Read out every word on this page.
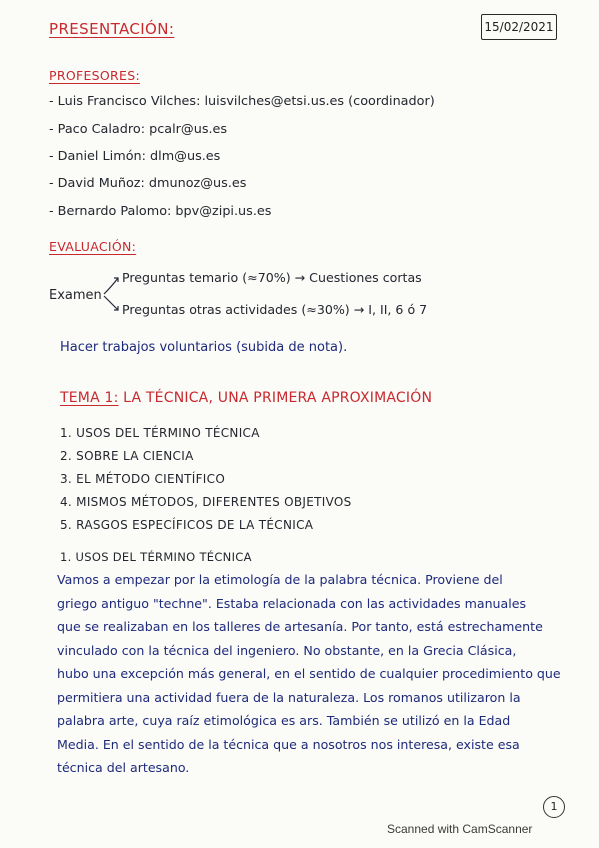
15/02/2021
PRESENTACIÓN:
PROFESORES:
- Luis Francisco Vilches: luisvilches@etsi.us.es (coordinador)
- Paco Caladro: pcalr@us.es
- Daniel Limón: dlm@us.es
- David Muñoz: dmunoz@us.es
- Bernardo Palomo: bpv@zipi.us.es
EVALUACIÓN:
Examen
Preguntas temario (≈70%) → Cuestiones cortas
Preguntas otras actividades (≈30%) → I, II, 6 ó 7
Hacer trabajos voluntarios (subida de nota).
TEMA 1: LA TÉCNICA, UNA PRIMERA APROXIMACIÓN
1. USOS DEL TÉRMINO TÉCNICA
2. SOBRE LA CIENCIA
3. EL MÉTODO CIENTÍFICO
4. MISMOS MÉTODOS, DIFERENTES OBJETIVOS
5. RASGOS ESPECÍFICOS DE LA TÉCNICA
1. USOS DEL TÉRMINO TÉCNICA
Vamos a empezar por la etimología de la palabra técnica. Proviene del
griego antiguo "techne". Estaba relacionada con las actividades manuales
que se realizaban en los talleres de artesanía. Por tanto, está estrechamente
vinculado con la técnica del ingeniero. No obstante, en la Grecia Clásica,
hubo una excepción más general, en el sentido de cualquier procedimiento que
permitiera una actividad fuera de la naturaleza. Los romanos utilizaron la
palabra arte, cuya raíz etimológica es ars. También se utilizó en la Edad
Media. En el sentido de la técnica que a nosotros nos interesa, existe esa
técnica del artesano.
1
Scanned with CamScanner
